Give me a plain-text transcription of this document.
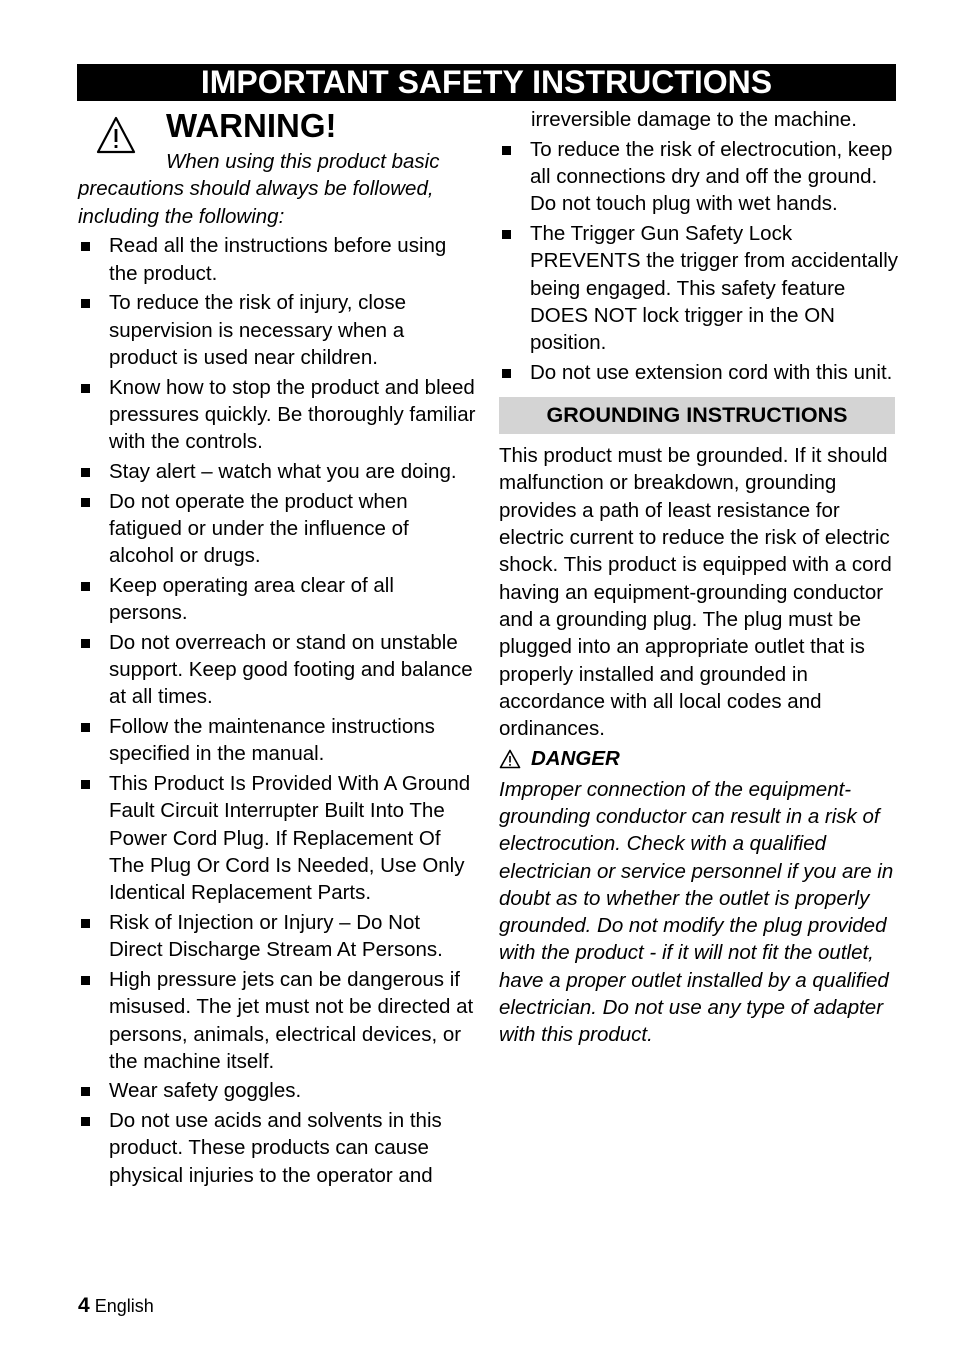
IMPORTANT SAFETY INSTRUCTIONS
WARNING!

When using this product basic precautions should always be followed, including the following:

Read all the instructions before using the product.
To reduce the risk of injury, close supervision is necessary when a product is used near children.
Know how to stop the product and bleed pressures quickly. Be thoroughly familiar with the controls.
Stay alert – watch what you are doing.
Do not operate the product when fatigued or under the influence of alcohol or drugs.
Keep operating area clear of all persons.
Do not overreach or stand on unstable support. Keep good footing and balance at all times.
Follow the maintenance instructions specified in the manual.
This Product Is Provided With A Ground Fault Circuit Interrupter Built Into The Power Cord Plug. If Replacement Of The Plug Or Cord Is Needed, Use Only Identical Replacement Parts.
Risk of Injection or Injury – Do Not Direct Discharge Stream At Persons.
High pressure jets can be dangerous if misused. The jet must not be directed at persons, animals, electrical devices, or the machine itself.
Wear safety goggles.
Do not use acids and solvents in this product. These products can cause physical injuries to the operator and
irreversible damage to the machine.
To reduce the risk of electrocution, keep all connections dry and off the ground. Do not touch plug with wet hands.
The Trigger Gun Safety Lock PREVENTS the trigger from accidentally being engaged. This safety feature DOES NOT lock trigger in the ON position.
Do not use extension cord with this unit.
GROUNDING INSTRUCTIONS

This product must be grounded. If it should malfunction or breakdown, grounding provides a path of least resistance for electric current to reduce the risk of electric shock. This product is equipped with a cord having an equipment-grounding conductor and a grounding plug. The plug must be plugged into an appropriate outlet that is properly installed and grounded in accordance with all local codes and ordinances.

DANGER

Improper connection of the equipment-grounding conductor can result in a risk of electrocution. Check with a qualified electrician or service personnel if you are in doubt as to whether the outlet is properly grounded. Do not modify the plug provided with the product - if it will not fit the outlet, have a proper outlet installed by a qualified electrician. Do not use any type of adapter with this product.

4 English
